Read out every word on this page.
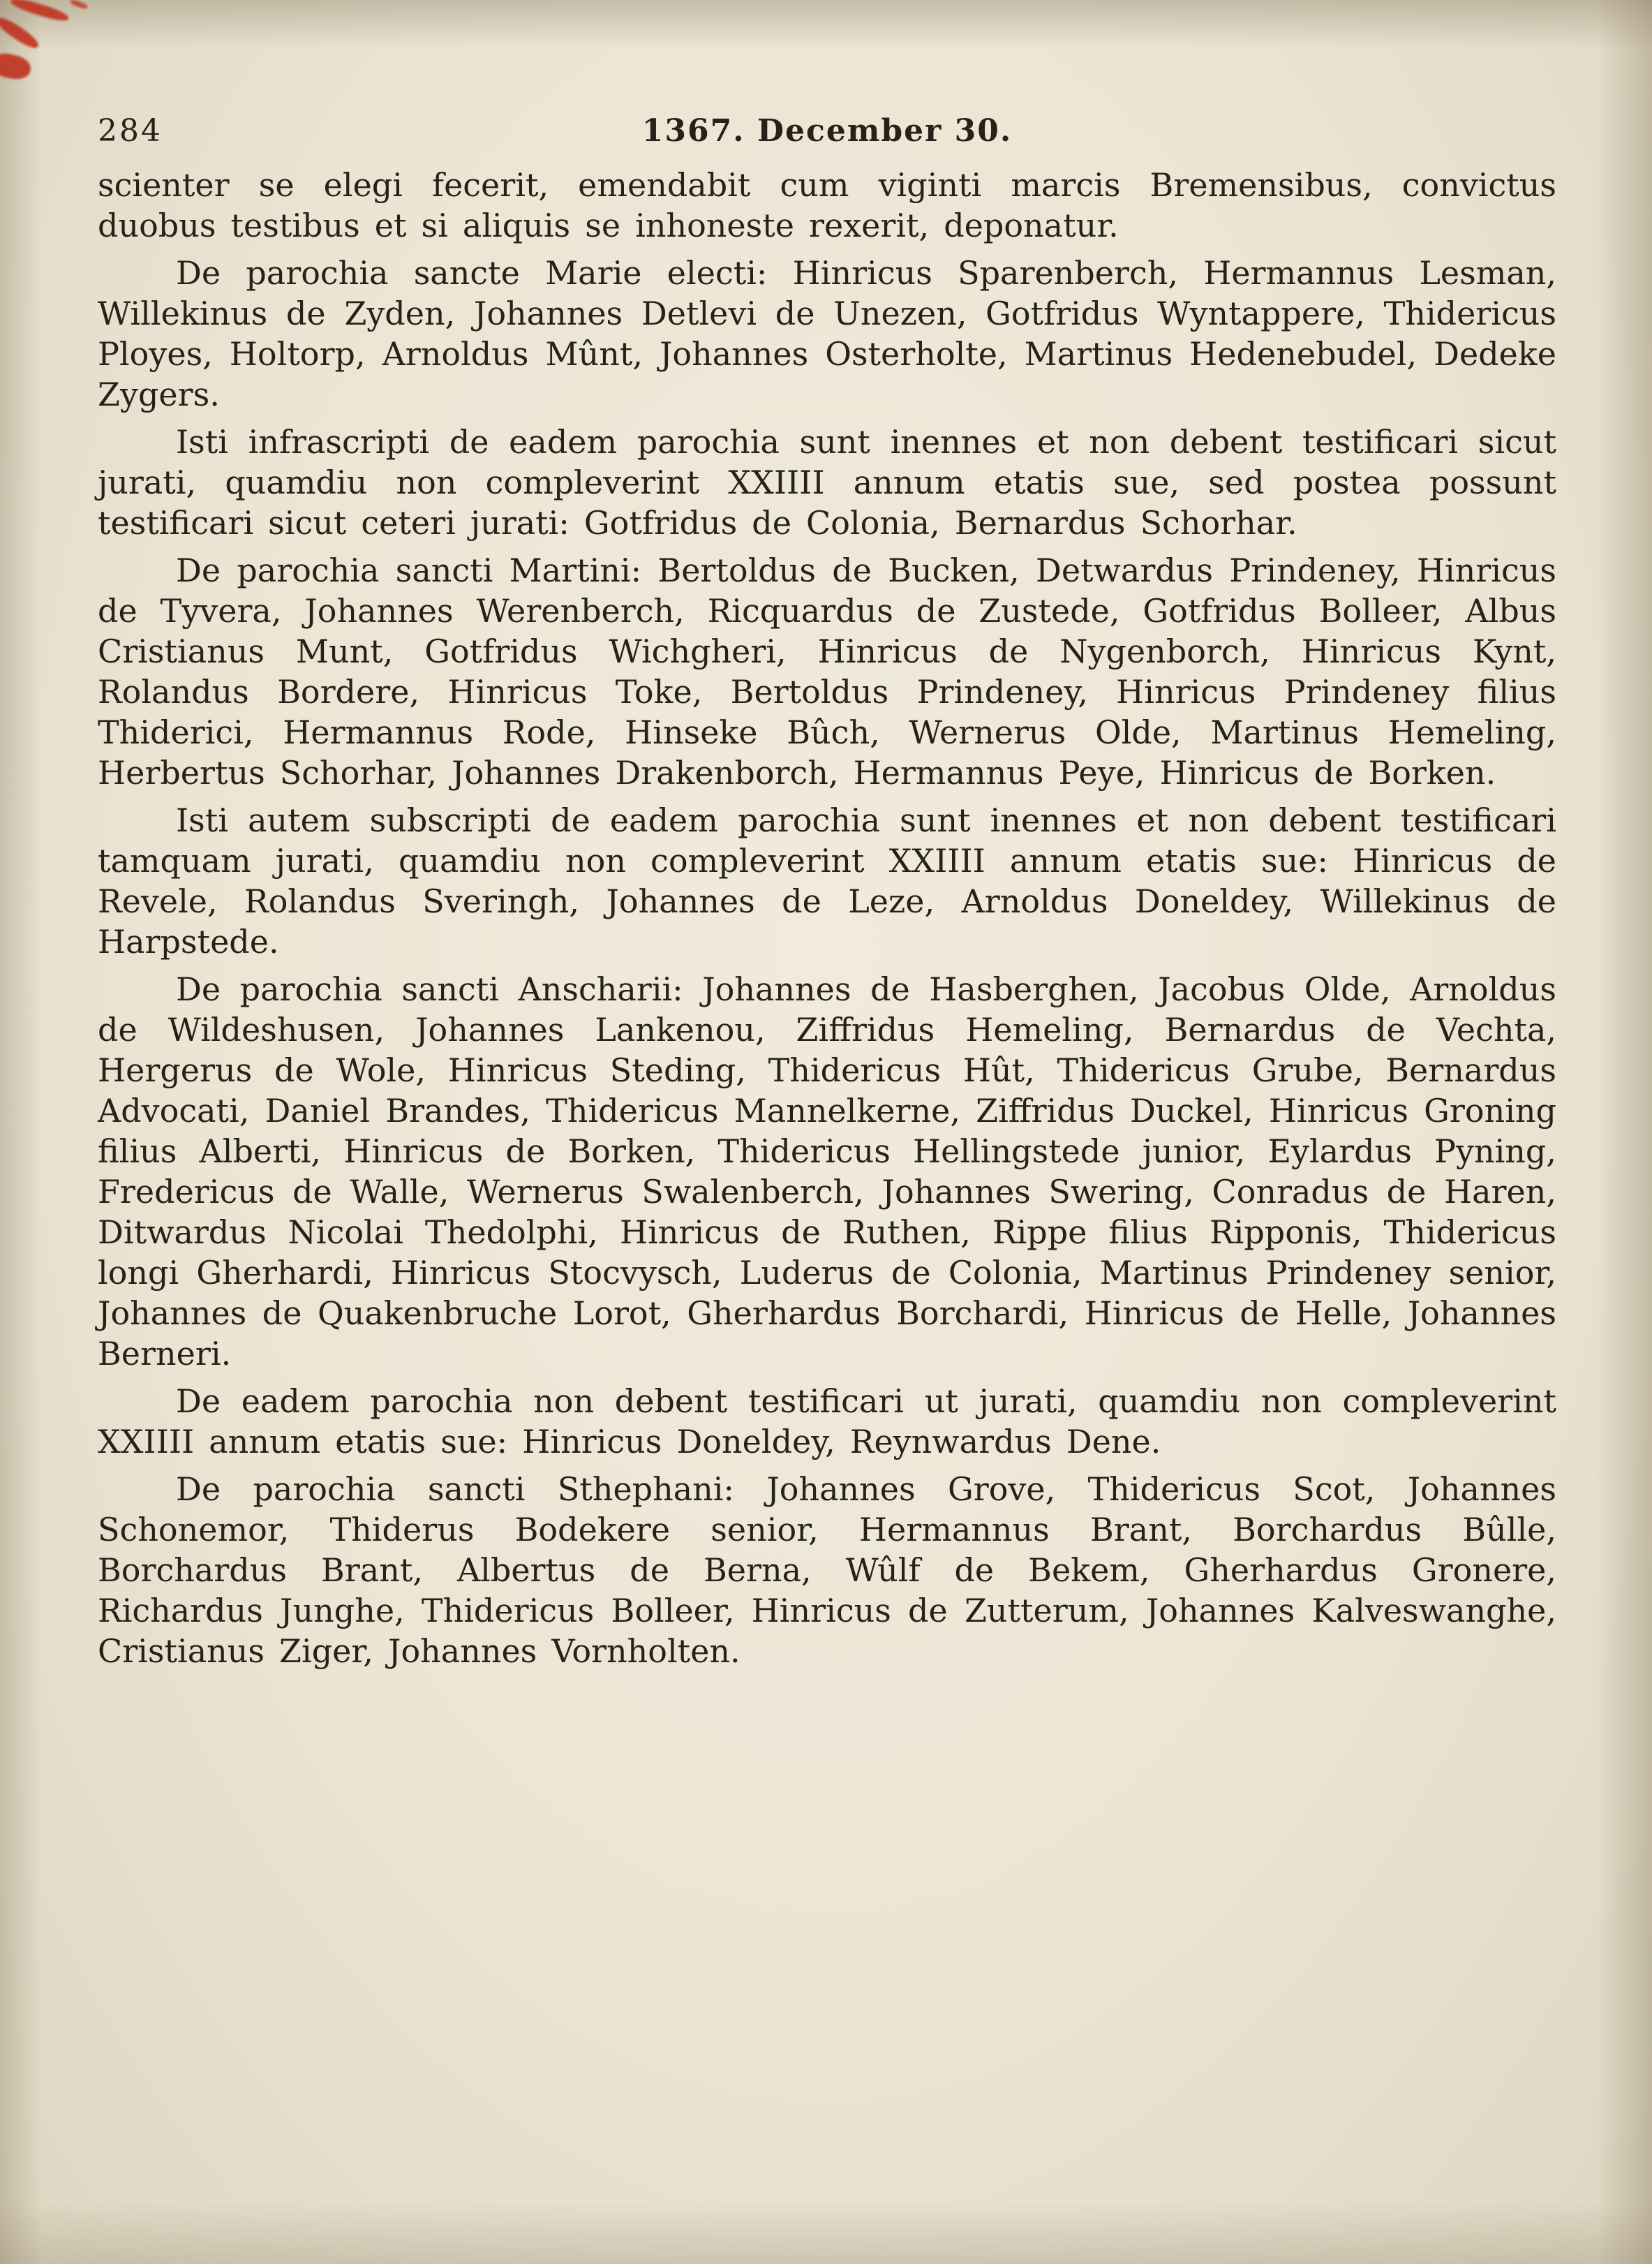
284	1367. December 30.

scienter se elegi fecerit, emendabit cum viginti marcis Bremensibus, convictus duobus testibus et si aliquis se inhoneste rexerit, deponatur.

De parochia sancte Marie electi: Hinricus Sparenberch, Hermannus Lesman, Willekinus de Zyden, Johannes Detlevi de Unezen, Gotfridus Wyntappere, Thidericus Ployes, Holtorp, Arnoldus Mûnt, Johannes Osterholte, Martinus Hedenebudel, Dedeke Zygers.

Isti infrascripti de eadem parochia sunt inennes et non debent testificari sicut jurati, quamdiu non compleverint XXIIII annum etatis sue, sed postea possunt testificari sicut ceteri jurati: Gotfridus de Colonia, Bernardus Schorhar.

De parochia sancti Martini: Bertoldus de Bucken, Detwardus Prindeney, Hinricus de Tyvera, Johannes Werenberch, Ricquardus de Zustede, Gotfridus Bolleer, Albus Cristianus Munt, Gotfridus Wichgheri, Hinricus de Nygenborch, Hinricus Kynt, Rolandus Bordere, Hinricus Toke, Bertoldus Prindeney, Hinricus Prindeney filius Thiderici, Hermannus Rode, Hinseke Bûch, Wernerus Olde, Martinus Hemeling, Herbertus Schorhar, Johannes Drakenborch, Hermannus Peye, Hinricus de Borken.

Isti autem subscripti de eadem parochia sunt inennes et non debent testificari tamquam jurati, quamdiu non compleverint XXIIII annum etatis sue: Hinricus de Revele, Rolandus Sveringh, Johannes de Leze, Arnoldus Doneldey, Willekinus de Harpstede.

De parochia sancti Anscharii: Johannes de Hasberghen, Jacobus Olde, Arnoldus de Wildeshusen, Johannes Lankenou, Ziffridus Hemeling, Bernardus de Vechta, Hergerus de Wole, Hinricus Steding, Thidericus Hût, Thidericus Grube, Bernardus Advocati, Daniel Brandes, Thidericus Mannelkerne, Ziffridus Duckel, Hinricus Groning filius Alberti, Hinricus de Borken, Thidericus Hellingstede junior, Eylardus Pyning, Fredericus de Walle, Wernerus Swalenberch, Johannes Swering, Conradus de Haren, Ditwardus Nicolai Thedolphi, Hinricus de Ruthen, Rippe filius Ripponis, Thidericus longi Gherhardi, Hinricus Stocvysch, Luderus de Colonia, Martinus Prindeney senior, Johannes de Quakenbruche Lorot, Gherhardus Borchardi, Hinricus de Helle, Johannes Berneri.

De eadem parochia non debent testificari ut jurati, quamdiu non compleverint XXIIII annum etatis sue: Hinricus Doneldey, Reynwardus Dene.

De parochia sancti Sthephani: Johannes Grove, Thidericus Scot, Johannes Schonemor, Thiderus Bodekere senior, Hermannus Brant, Borchardus Bûlle, Borchardus Brant, Albertus de Berna, Wûlf de Bekem, Gherhardus Gronere, Richardus Junghe, Thidericus Bolleer, Hinricus de Zutterum, Johannes Kalveswanghe, Cristianus Ziger, Johannes Vornholten.
